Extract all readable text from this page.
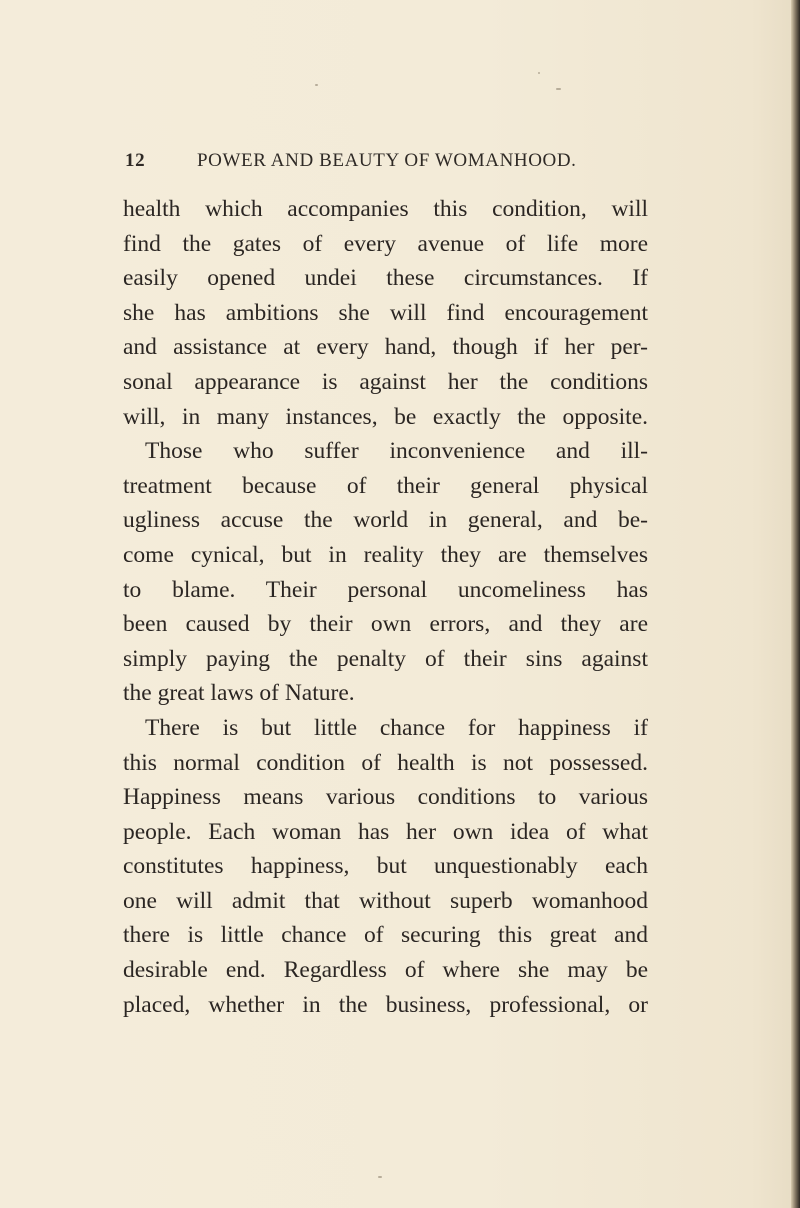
12	POWER AND BEAUTY OF WOMANHOOD.
health which accompanies this condition, will
find the gates of every avenue of life more
easily opened undei these circumstances. If
she has ambitions she will find encouragement
and assistance at every hand, though if her per-
sonal appearance is against her the conditions
will, in many instances, be exactly the opposite.
Those who suffer inconvenience and ill-
treatment because of their general physical
ugliness accuse the world in general, and be-
come cynical, but in reality they are themselves
to blame. Their personal uncomeliness has
been caused by their own errors, and they are
simply paying the penalty of their sins against
the great laws of Nature.
There is but little chance for happiness if
this normal condition of health is not possessed.
Happiness means various conditions to various
people. Each woman has her own idea of what
constitutes happiness, but unquestionably each
one will admit that without superb womanhood
there is little chance of securing this great and
desirable end. Regardless of where she may be
placed, whether in the business, professional, or
